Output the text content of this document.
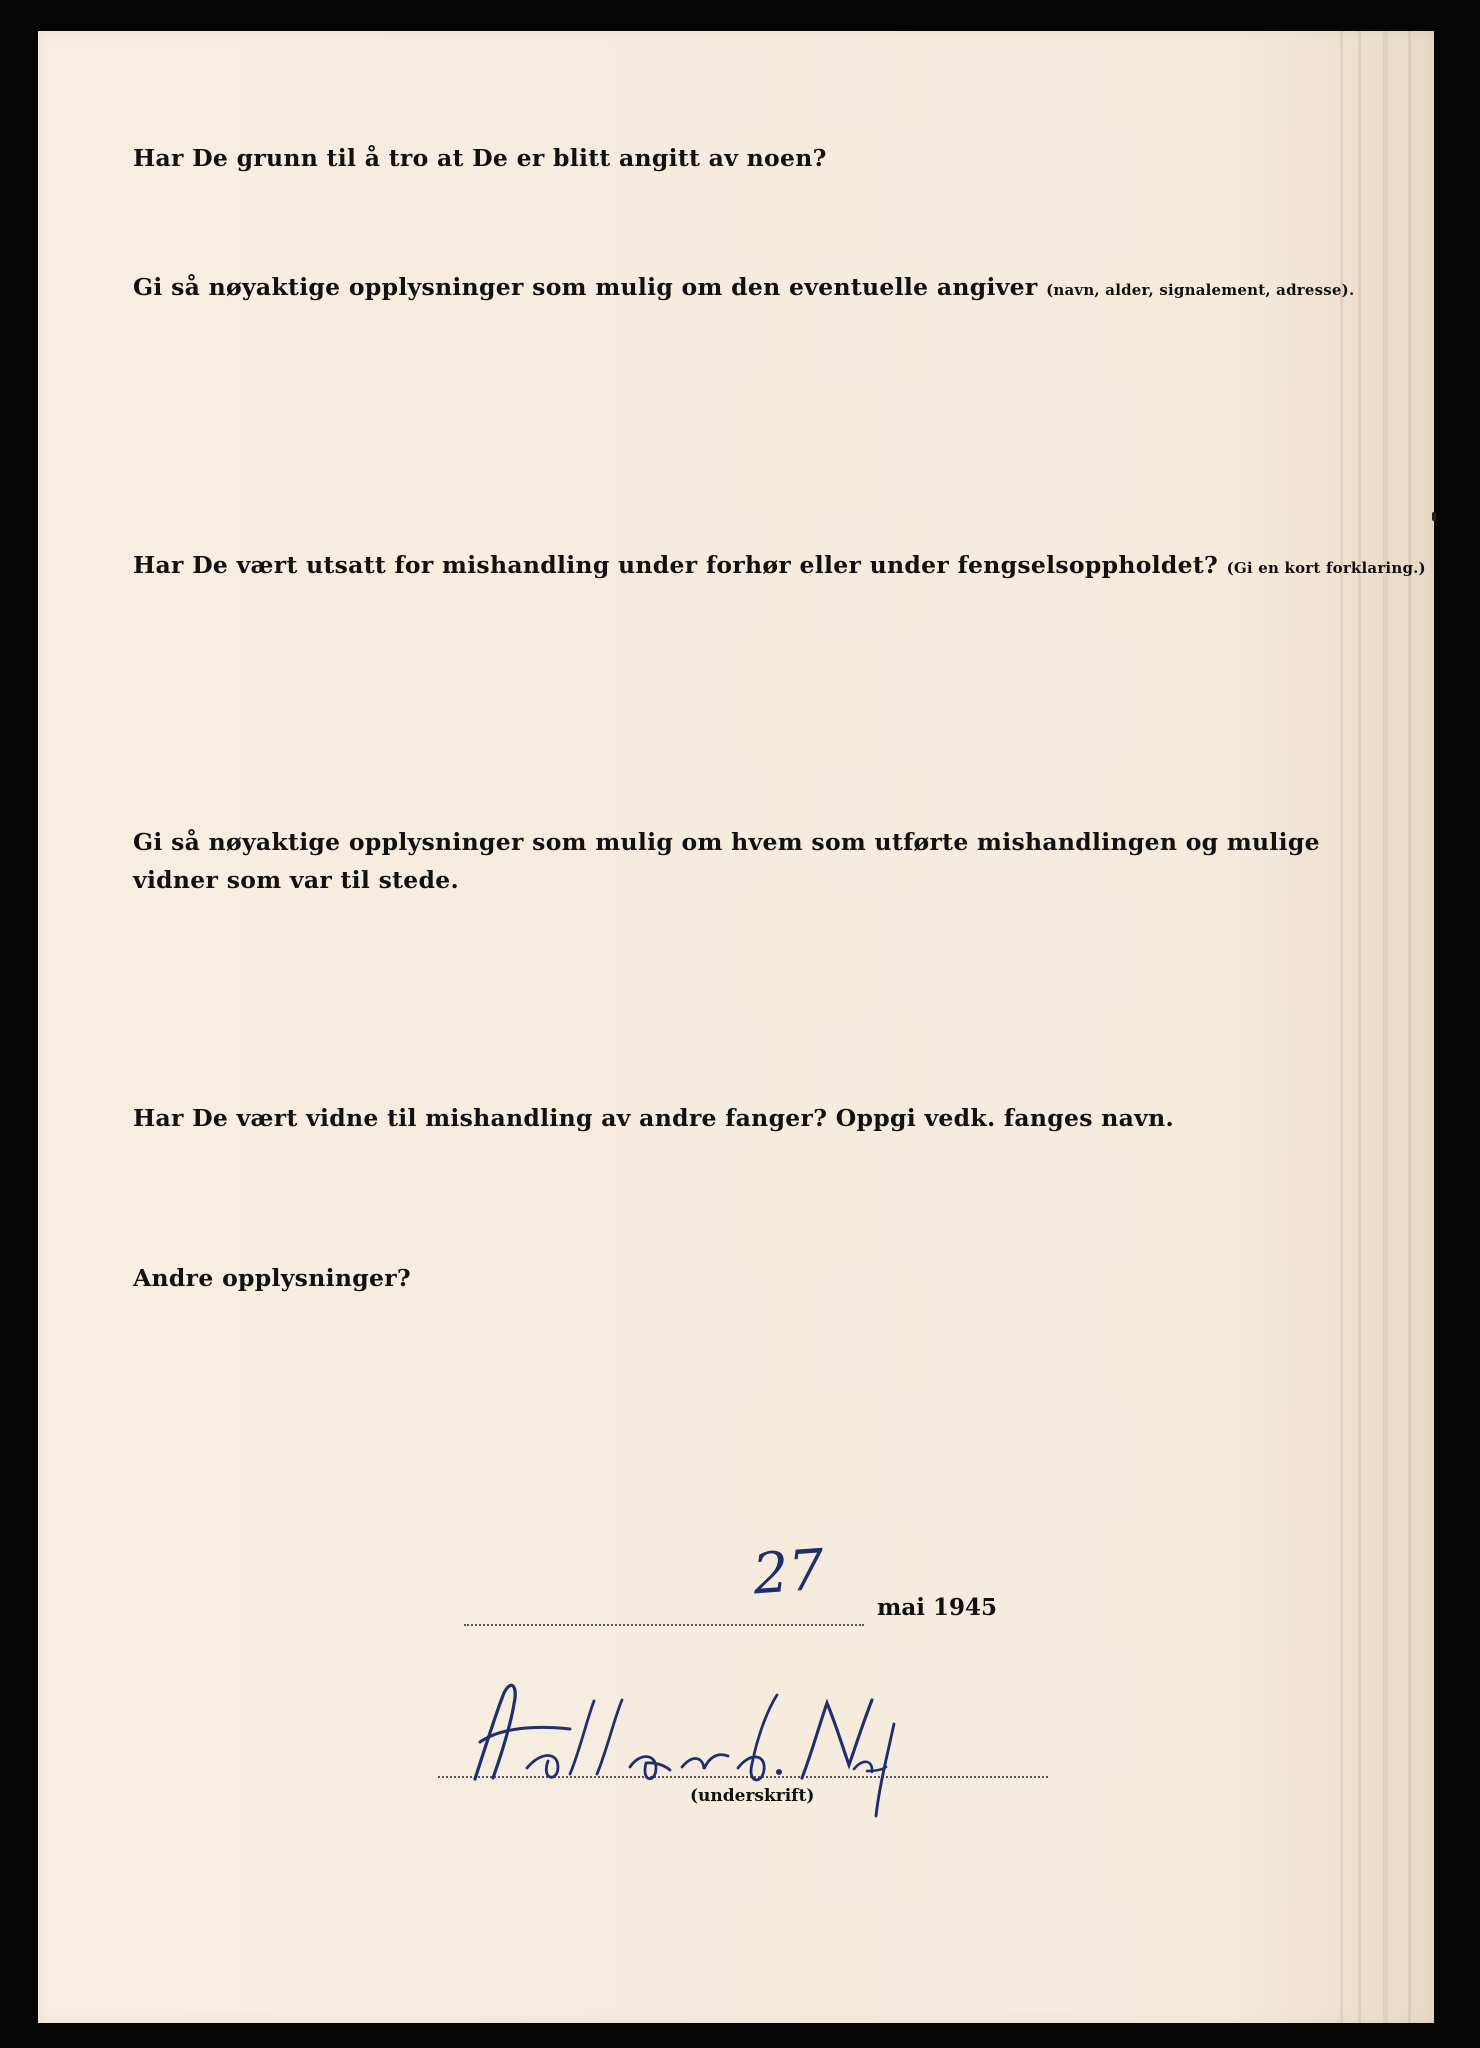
Har De grunn til å tro at De er blitt angitt av noen?

Gi så nøyaktige opplysninger som mulig om den eventuelle angiver (navn, alder, signalement, adresse).

Har De vært utsatt for mishandling under forhør eller under fengselsoppholdet? (Gi en kort forklaring.)

Gi så nøyaktige opplysninger som mulig om hvem som utførte mishandlingen og mulige vidner som var til stede.

Har De vært vidne til mishandling av andre fanger? Oppgi vedk. fanges navn.

Andre opplysninger?

27
mai 1945
(underskrift)
